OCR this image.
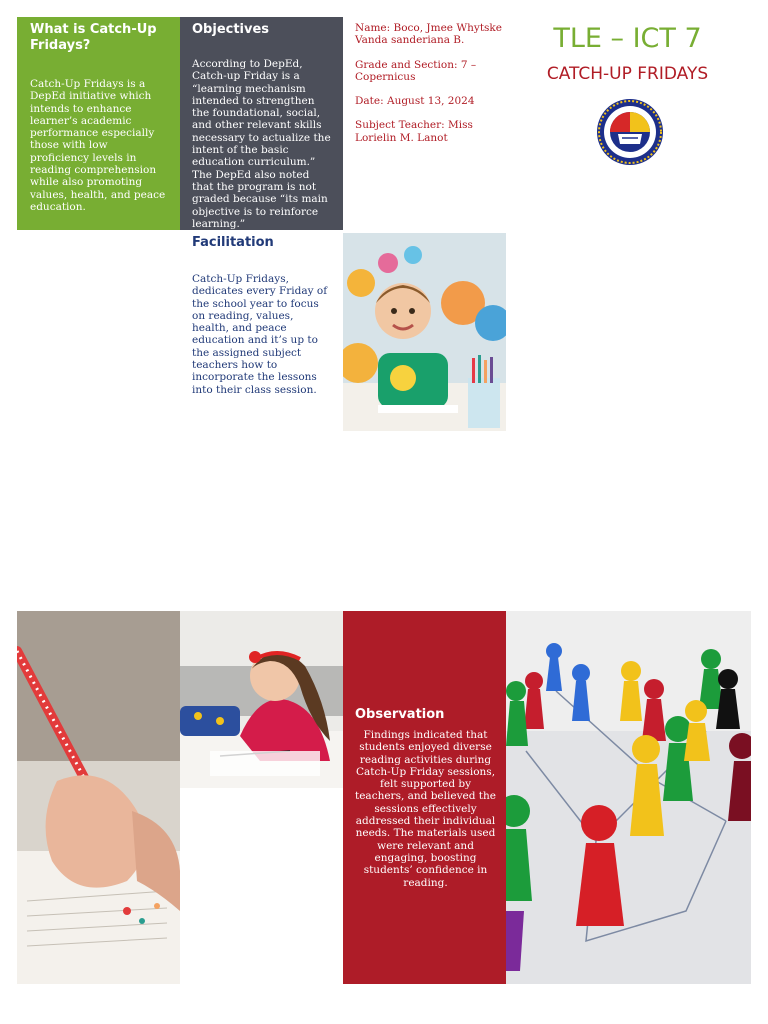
What is Catch-Up Fridays?

Catch-Up Fridays is a DepEd initiative which intends to enhance learner’s academic performance especially those with low proficiency levels in reading comprehension while also promoting values, health, and peace education.

Objectives

According to DepEd, Catch-up Friday is a “learning mechanism intended to strengthen the foundational, social, and other relevant skills necessary to actualize the intent of the basic education curriculum.” The DepEd also noted that the program is not graded because “its main objective is to reinforce learning.”

Name: Boco, Jmee Whytske Vanda sanderiana B.

Grade and Section: 7 – Copernicus

Date: August 13, 2024

Subject Teacher: Miss Lorielin M. Lanot

TLE – ICT 7
CATCH-UP FRIDAYS
Facilitation

Catch-Up Fridays, dedicates every Friday of the school year to focus on reading, values, health, and peace education and it’s up to the assigned subject teachers how to incorporate the lessons into their class session.

Observation

Findings indicated that students enjoyed diverse reading activities during Catch-Up Friday sessions, felt supported by teachers, and believed the sessions effectively addressed their individual needs. The materials used were relevant and engaging, boosting students’ confidence in reading.
